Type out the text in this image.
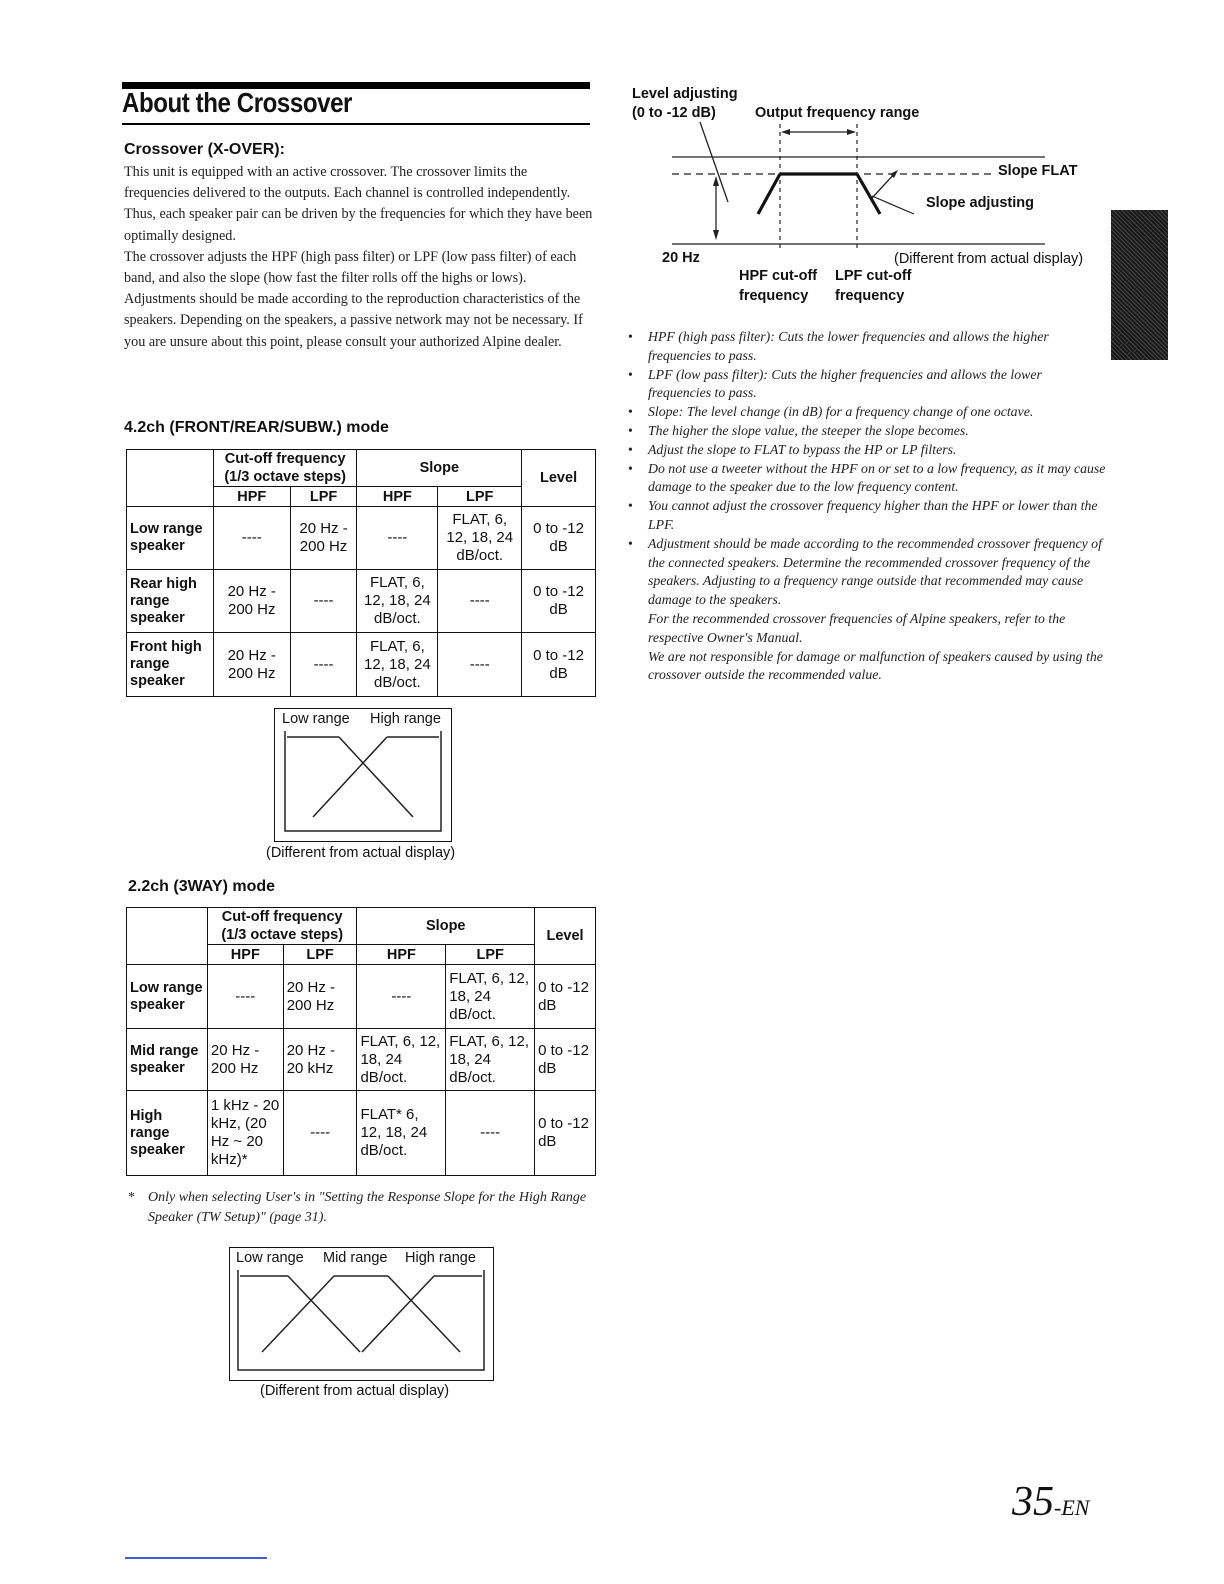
About the Crossover
Crossover (X-OVER):

This unit is equipped with an active crossover. The crossover limits the frequencies delivered to the outputs. Each channel is controlled independently. Thus, each speaker pair can be driven by the frequencies for which they have been optimally designed.

The crossover adjusts the HPF (high pass filter) or LPF (low pass filter) of each band, and also the slope (how fast the filter rolls off the highs or lows).

Adjustments should be made according to the reproduction characteristics of the speakers. Depending on the speakers, a passive network may not be necessary. If you are unsure about this point, please consult your authorized Alpine dealer.

4.2ch (FRONT/REAR/SUBW.) mode

	Cut-off frequency
(1/3 octave steps)		Slope		Level
	HPF	LPF	HPF	LPF	
Low range speaker	----	20 Hz - 200 Hz	----	FLAT, 6, 12, 18, 24 dB/oct.	0 to -12 dB
Rear high range speaker	20 Hz - 200 Hz	----	FLAT, 6, 12, 18, 24 dB/oct.	----	0 to -12 dB
Front high range speaker	20 Hz - 200 Hz	----	FLAT, 6, 12, 18, 24 dB/oct.	----	0 to -12 dB
Low range High range
(Different from actual display)
2.2ch (3WAY) mode

	Cut-off frequency
(1/3 octave steps)		Slope		Level
	HPF	LPF	HPF	LPF	
Low range speaker	----	20 Hz - 200 Hz	----	FLAT, 6, 12, 18, 24 dB/oct.	0 to -12 dB
Mid range speaker	20 Hz - 200 Hz	20 Hz - 20 kHz	FLAT, 6, 12, 18, 24 dB/oct.	FLAT, 6, 12, 18, 24 dB/oct.	0 to -12 dB
High range speaker	1 kHz - 20 kHz, (20 Hz ~ 20 kHz)*	----	FLAT* 6, 12, 18, 24 dB/oct.	----	0 to -12 dB
* Only when selecting User's in "Setting the Response Slope for the High Range Speaker (TW Setup)" (page 31).
Low range Mid range High range
(Different from actual display)
Level adjusting
(0 to -12 dB)	Output frequency range
Slope FLAT
Slope adjusting
20 Hz	(Different from actual display)
HPF cut-off LPF cut-off
frequency frequency
• HPF (high pass filter): Cuts the lower frequencies and allows the higher frequencies to pass.
• LPF (low pass filter): Cuts the higher frequencies and allows the lower frequencies to pass.
• Slope: The level change (in dB) for a frequency change of one octave.
• The higher the slope value, the steeper the slope becomes.
• Adjust the slope to FLAT to bypass the HP or LP filters.
• Do not use a tweeter without the HPF on or set to a low frequency, as it may cause damage to the speaker due to the low frequency content.
• You cannot adjust the crossover frequency higher than the HPF or lower than the LPF.
• Adjustment should be made according to the recommended crossover frequency of the connected speakers. Determine the recommended crossover frequency of the speakers. Adjusting to a frequency range outside that recommended may cause damage to the speakers.
For the recommended crossover frequencies of Alpine speakers, refer to the respective Owner's Manual.
We are not responsible for damage or malfunction of speakers caused by using the crossover outside the recommended value.
35-EN
